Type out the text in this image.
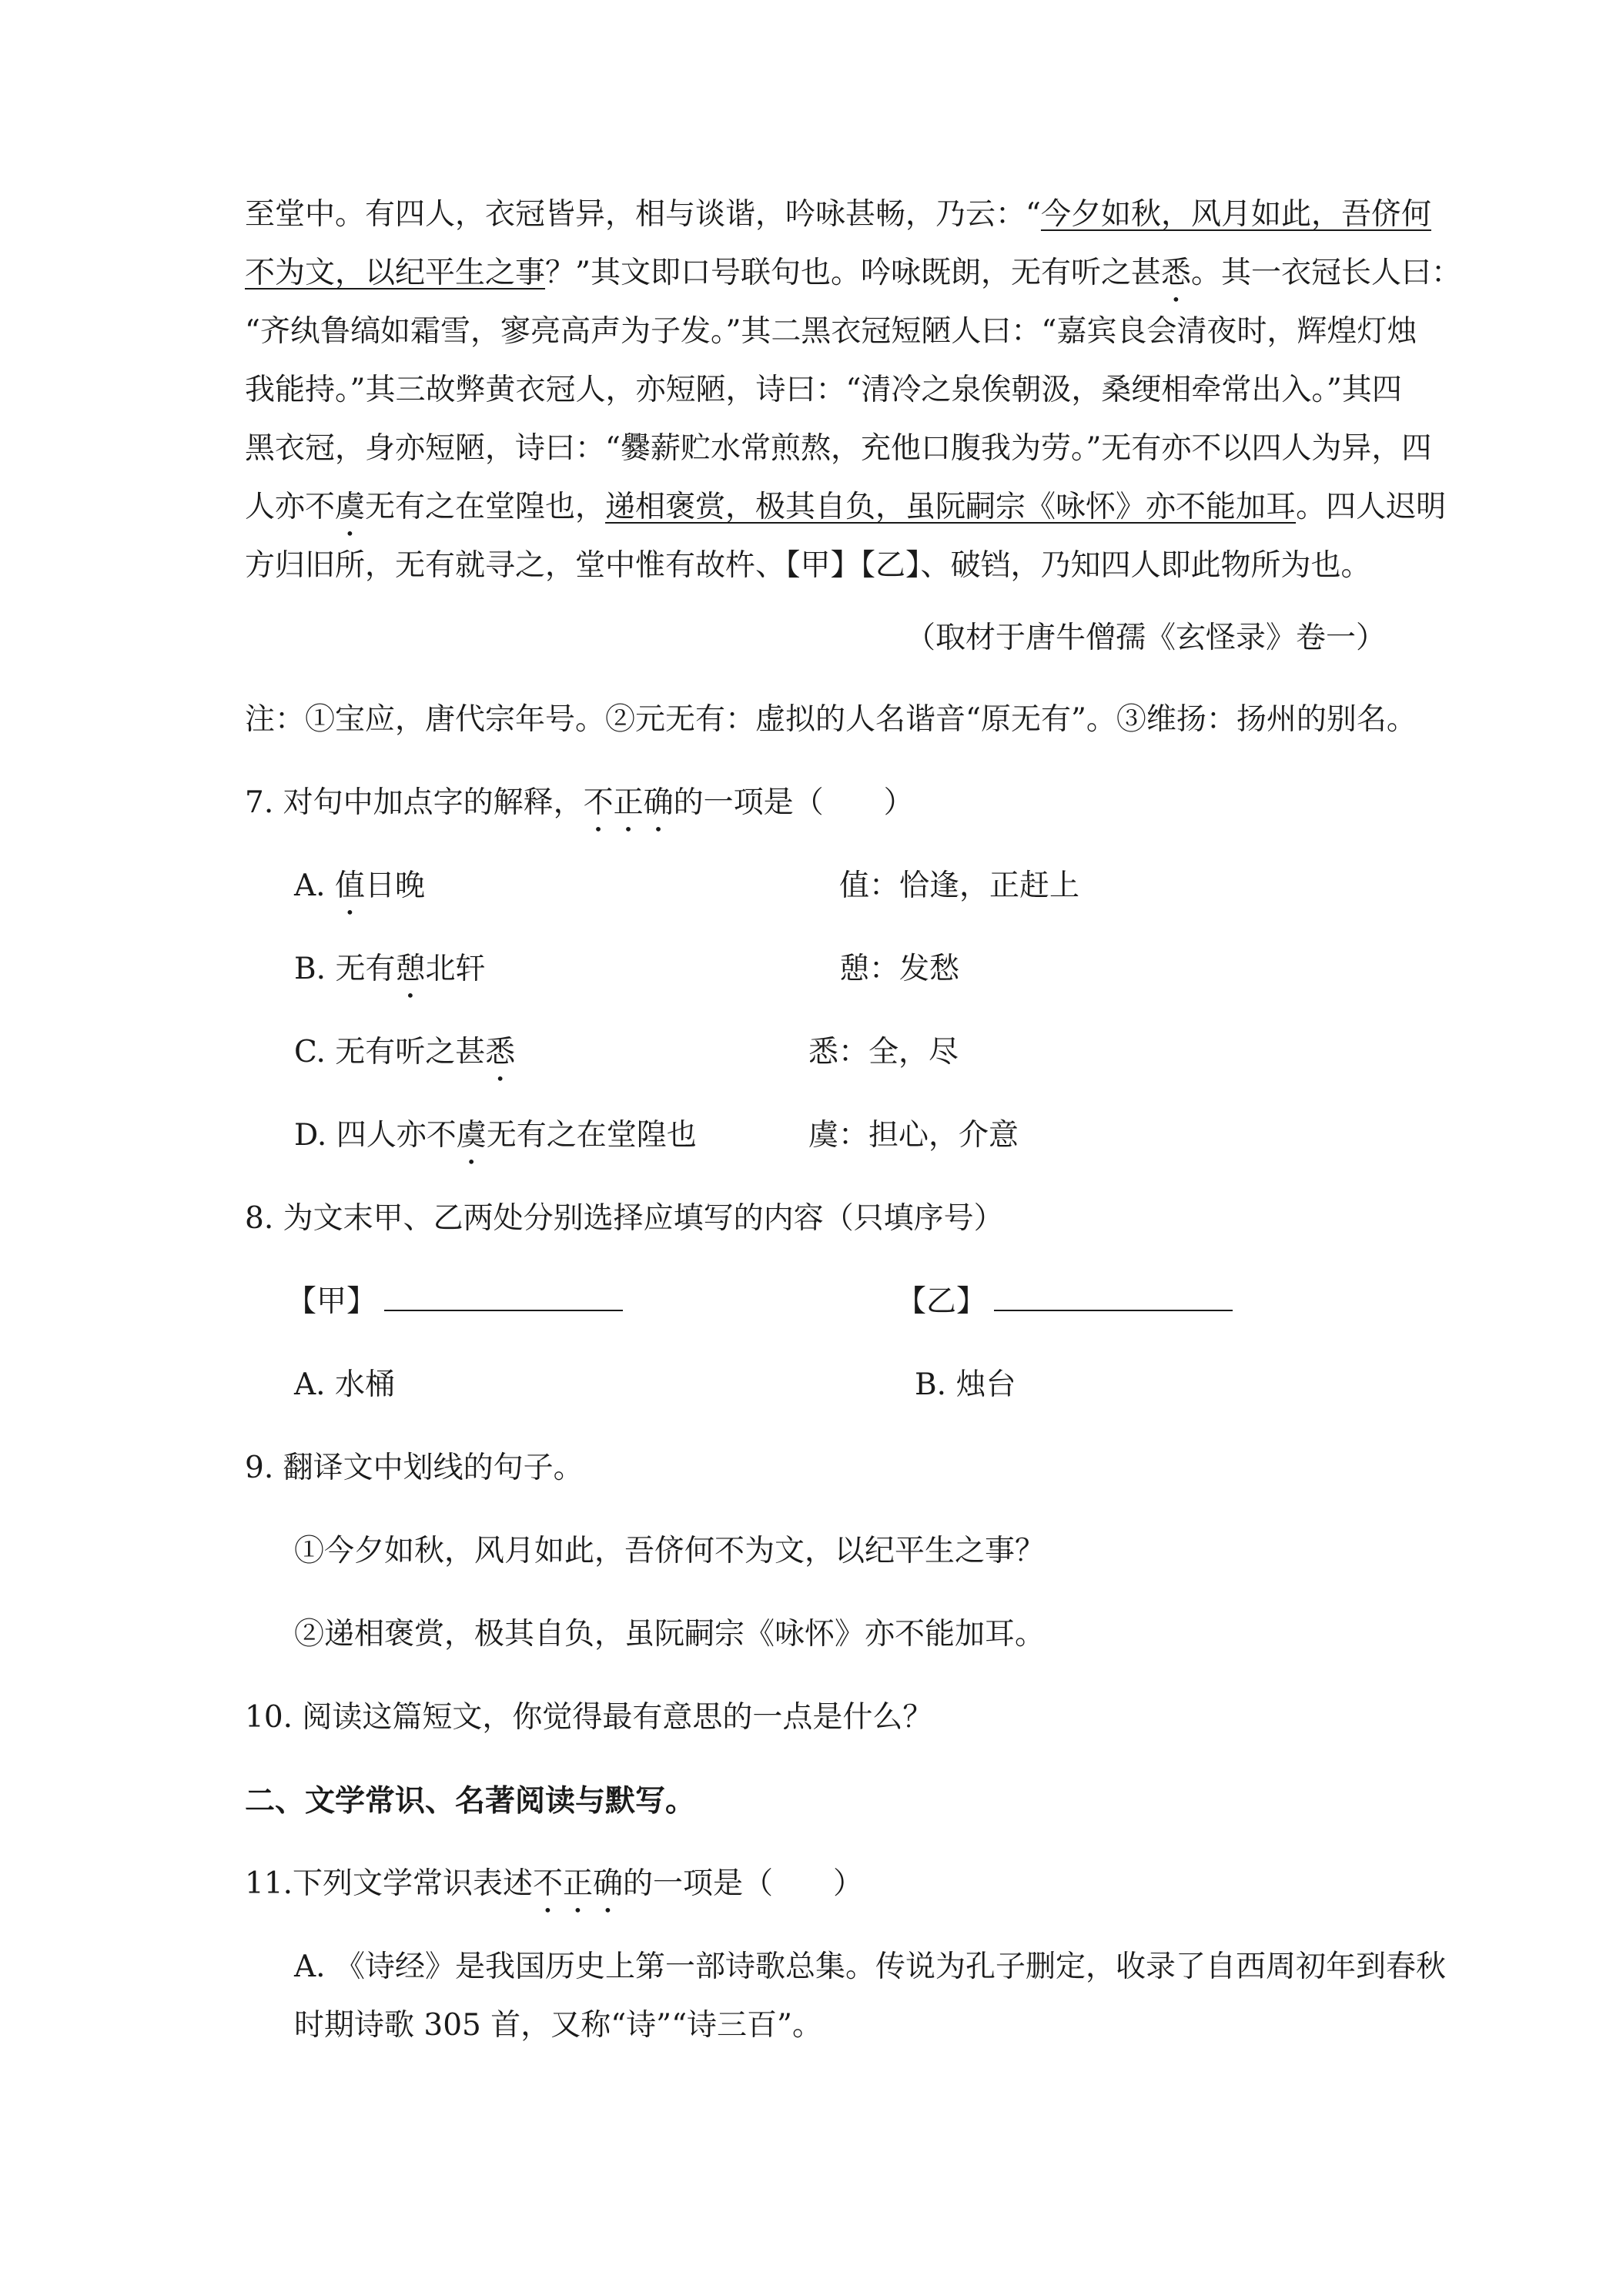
至堂中。有四人，衣冠皆异，相与谈谐，吟咏甚畅，乃云：“今夕如秋，风月如此，吾侪何
不为文，以纪平生之事？”其文即口号联句也。吟咏既朗，无有听之甚悉。其一衣冠长人曰：
“齐纨鲁缟如霜雪，寥亮高声为子发。”其二黑衣冠短陋人曰：“嘉宾良会清夜时，辉煌灯烛
我能持。”其三故弊黄衣冠人，亦短陋，诗曰：“清冷之泉俟朝汲，桑绠相牵常出入。”其四
黑衣冠，身亦短陋，诗曰：“爨薪贮水常煎熬，充他口腹我为劳。”无有亦不以四人为异，四
人亦不虞无有之在堂隍也，递相褒赏，极其自负，虽阮嗣宗《咏怀》亦不能加耳。四人迟明
方归旧所，无有就寻之，堂中惟有故杵、【甲】【乙】、破铛，乃知四人即此物所为也。
（取材于唐牛僧孺《玄怪录》卷一）
注：①宝应，唐代宗年号。②元无有：虚拟的人名谐音“原无有”。③维扬：扬州的别名。
7. 对句中加点字的解释，不正确的一项是（　　）
A. 值日晚	值：恰逢，正赶上
B. 无有憩北轩	憩：发愁
C. 无有听之甚悉	悉：全，尽
D. 四人亦不虞无有之在堂隍也	虞：担心，介意
8. 为文末甲、乙两处分别选择应填写的内容（只填序号）
【甲】	【乙】
A. 水桶	B. 烛台
9. 翻译文中划线的句子。
①今夕如秋，风月如此，吾侪何不为文，以纪平生之事？
②递相褒赏，极其自负，虽阮嗣宗《咏怀》亦不能加耳。
10. 阅读这篇短文，你觉得最有意思的一点是什么？
二、文学常识、名著阅读与默写。
11.下列文学常识表述不正确的一项是（　　）
A. 《诗经》是我国历史上第一部诗歌总集。传说为孔子删定，收录了自西周初年到春秋
时期诗歌 305 首，又称“诗”“诗三百”。
